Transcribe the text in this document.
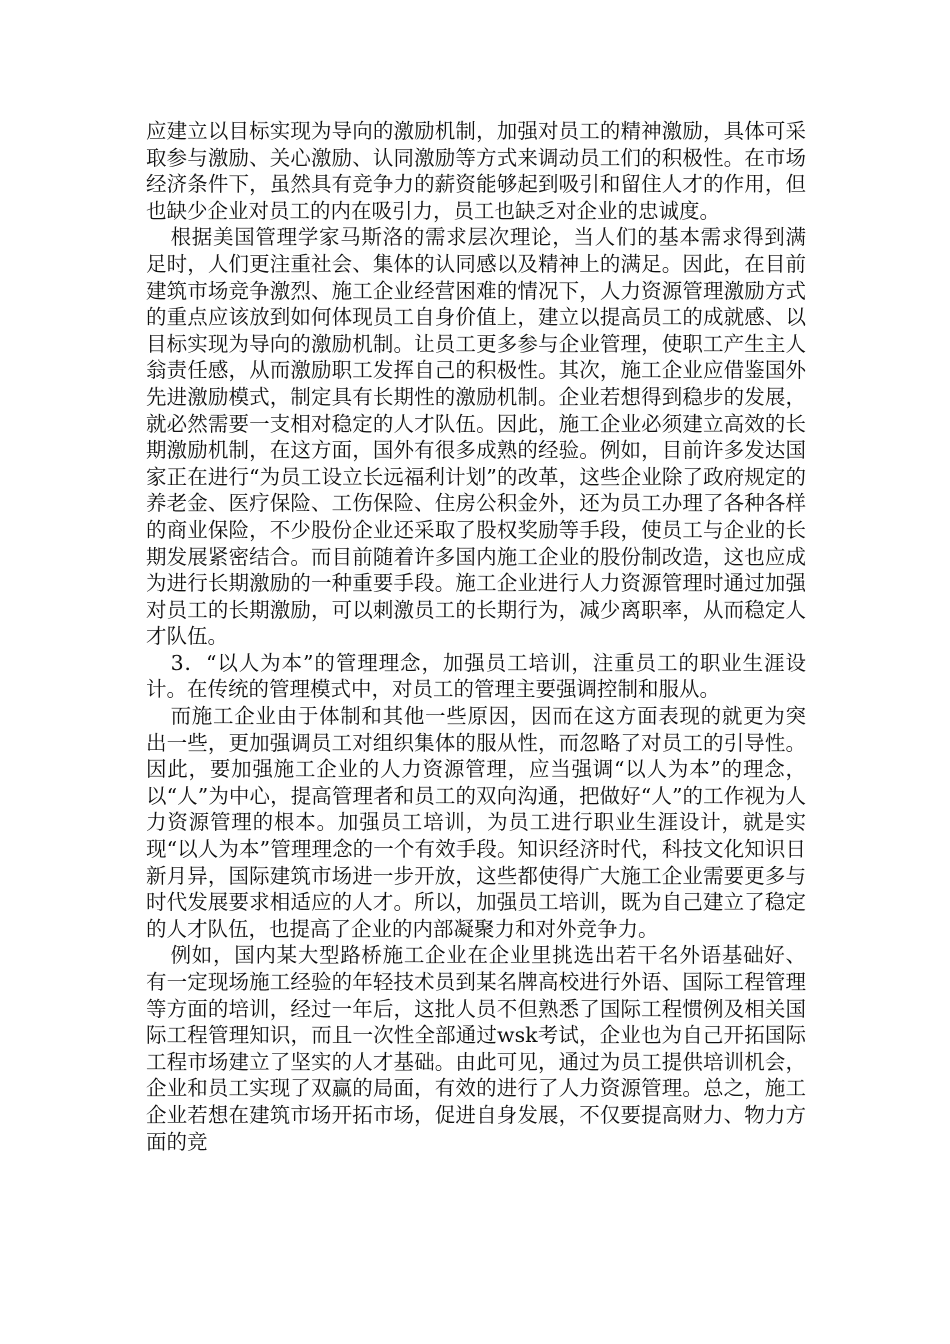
应建立以目标实现为导向的激励机制，加强对员工的精神激励，具体可采取参与激励、关心激励、认同激励等方式来调动员工们的积极性。在市场经济条件下，虽然具有竞争力的薪资能够起到吸引和留住人才的作用，但也缺少企业对员工的内在吸引力，员工也缺乏对企业的忠诚度。

根据美国管理学家马斯洛的需求层次理论，当人们的基本需求得到满足时，人们更注重社会、集体的认同感以及精神上的满足。因此，在目前建筑市场竞争激烈、施工企业经营困难的情况下，人力资源管理激励方式的重点应该放到如何体现员工自身价值上，建立以提高员工的成就感、以目标实现为导向的激励机制。让员工更多参与企业管理，使职工产生主人翁责任感，从而激励职工发挥自己的积极性。其次，施工企业应借鉴国外先进激励模式，制定具有长期性的激励机制。企业若想得到稳步的发展，就必然需要一支相对稳定的人才队伍。因此，施工企业必须建立高效的长期激励机制，在这方面，国外有很多成熟的经验。例如，目前许多发达国家正在进行“为员工设立长远福利计划”的改革，这些企业除了政府规定的养老金、医疗保险、工伤保险、住房公积金外，还为员工办理了各种各样的商业保险，不少股份企业还采取了股权奖励等手段，使员工与企业的长期发展紧密结合。而目前随着许多国内施工企业的股份制改造，这也应成为进行长期激励的一种重要手段。施工企业进行人力资源管理时通过加强对员工的长期激励，可以刺激员工的长期行为，减少离职率，从而稳定人才队伍。

3．“以人为本”的管理理念，加强员工培训，注重员工的职业生涯设计。在传统的管理模式中，对员工的管理主要强调控制和服从。

而施工企业由于体制和其他一些原因，因而在这方面表现的就更为突出一些，更加强调员工对组织集体的服从性，而忽略了对员工的引导性。因此，要加强施工企业的人力资源管理，应当强调“以人为本”的理念，以“人”为中心，提高管理者和员工的双向沟通，把做好“人”的工作视为人力资源管理的根本。加强员工培训，为员工进行职业生涯设计，就是实现“以人为本”管理理念的一个有效手段。知识经济时代，科技文化知识日新月异，国际建筑市场进一步开放，这些都使得广大施工企业需要更多与时代发展要求相适应的人才。所以，加强员工培训，既为自己建立了稳定的人才队伍，也提高了企业的内部凝聚力和对外竞争力。

例如，国内某大型路桥施工企业在企业里挑选出若干名外语基础好、有一定现场施工经验的年轻技术员到某名牌高校进行外语、国际工程管理等方面的培训，经过一年后，这批人员不但熟悉了国际工程惯例及相关国际工程管理知识，而且一次性全部通过wsk考试，企业也为自己开拓国际工程市场建立了坚实的人才基础。由此可见，通过为员工提供培训机会，企业和员工实现了双赢的局面，有效的进行了人力资源管理。总之，施工企业若想在建筑市场开拓市场，促进自身发展，不仅要提高财力、物力方面的竞
